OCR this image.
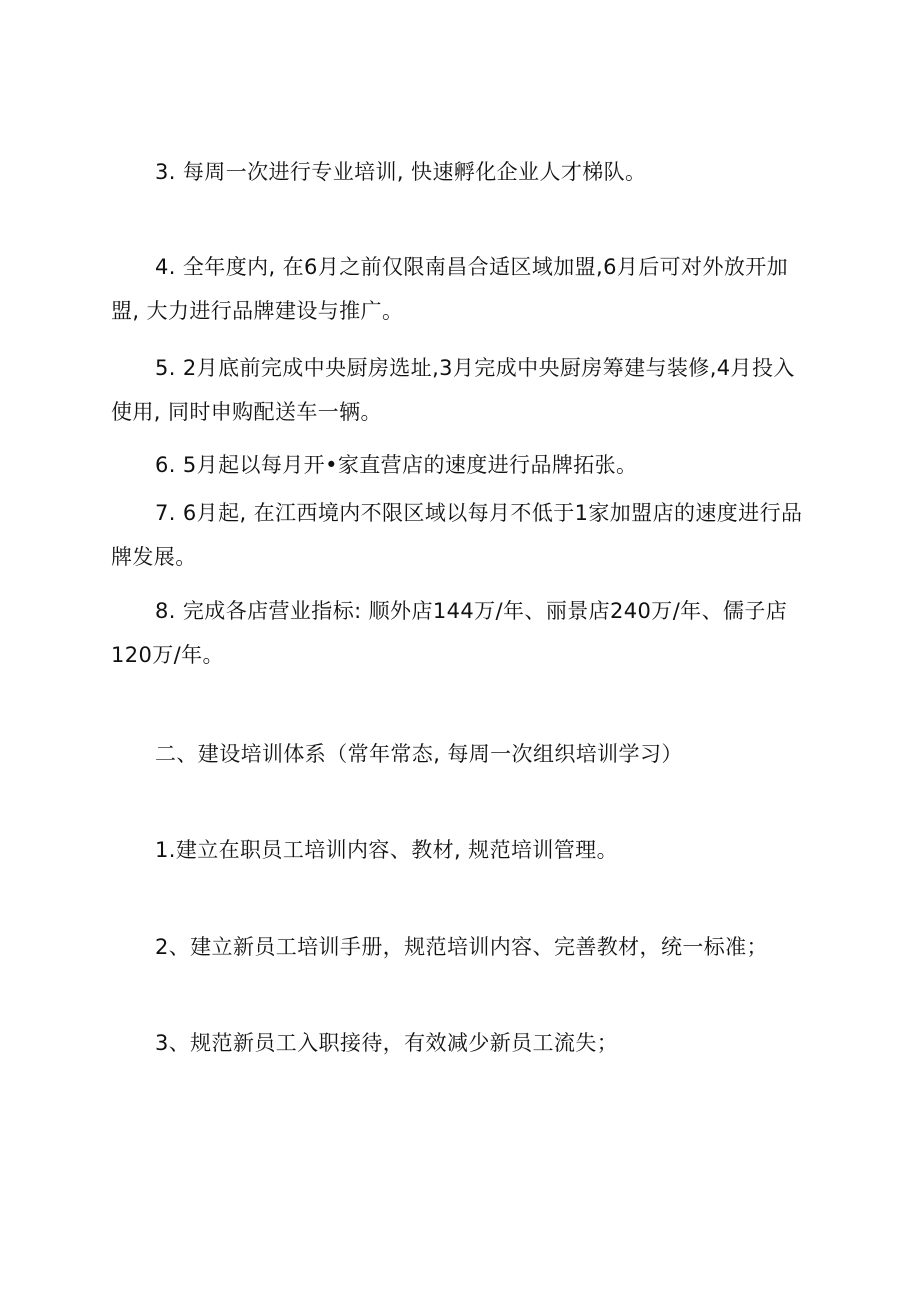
3. 每周一次进行专业培训, 快速孵化企业人才梯队。

4. 全年度内, 在6月之前仅限南昌合适区域加盟,6月后可对外放开加盟, 大力进行品牌建设与推广。

5. 2月底前完成中央厨房选址,3月完成中央厨房筹建与装修,4月投入使用, 同时申购配送车一辆。

6. 5月起以每月开•家直营店的速度进行品牌拓张。

7. 6月起, 在江西境内不限区域以每月不低于1家加盟店的速度进行品牌发展。

8. 完成各店营业指标: 顺外店144万/年、丽景店240万/年、儒子店120万/年。

二、建设培训体系（常年常态, 每周一次组织培训学习）

1.建立在职员工培训内容、教材, 规范培训管理。

2、建立新员工培训手册，规范培训内容、完善教材，统一标准；

3、规范新员工入职接待，有效减少新员工流失；
